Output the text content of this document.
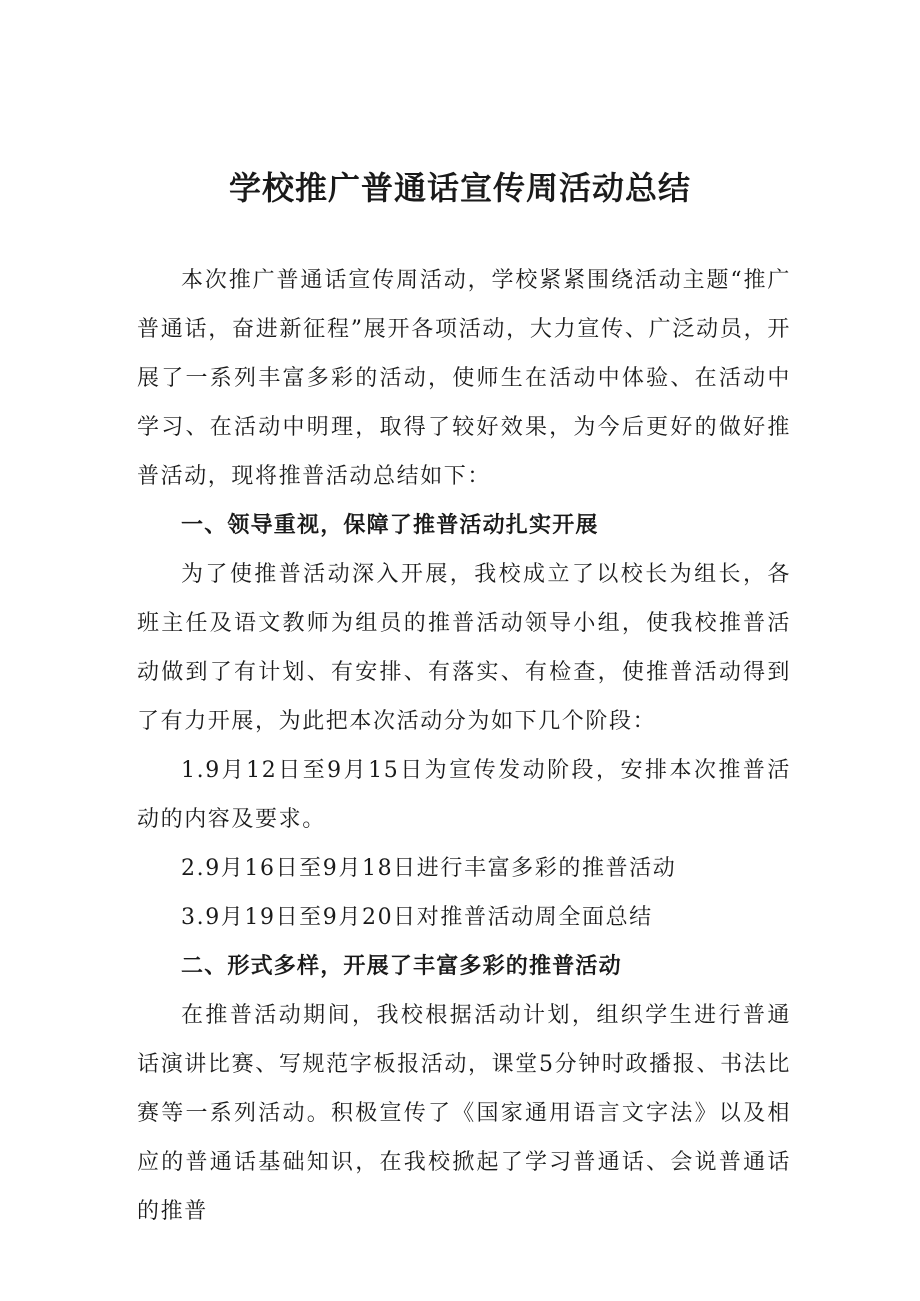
学校推广普通话宣传周活动总结

本次推广普通话宣传周活动，学校紧紧围绕活动主题“推广普通话，奋进新征程”展开各项活动，大力宣传、广泛动员，开展了一系列丰富多彩的活动，使师生在活动中体验、在活动中学习、在活动中明理，取得了较好效果，为今后更好的做好推普活动，现将推普活动总结如下：

一、领导重视，保障了推普活动扎实开展

为了使推普活动深入开展，我校成立了以校长为组长，各班主任及语文教师为组员的推普活动领导小组，使我校推普活动做到了有计划、有安排、有落实、有检查，使推普活动得到了有力开展，为此把本次活动分为如下几个阶段：

1.9月12日至9月15日为宣传发动阶段，安排本次推普活动的内容及要求。

2.9月16日至9月18日进行丰富多彩的推普活动

3.9月19日至9月20日对推普活动周全面总结

二、形式多样，开展了丰富多彩的推普活动

在推普活动期间，我校根据活动计划，组织学生进行普通话演讲比赛、写规范字板报活动，课堂5分钟时政播报、书法比赛等一系列活动。积极宣传了《国家通用语言文字法》以及相应的普通话基础知识，在我校掀起了学习普通话、会说普通话的推普
